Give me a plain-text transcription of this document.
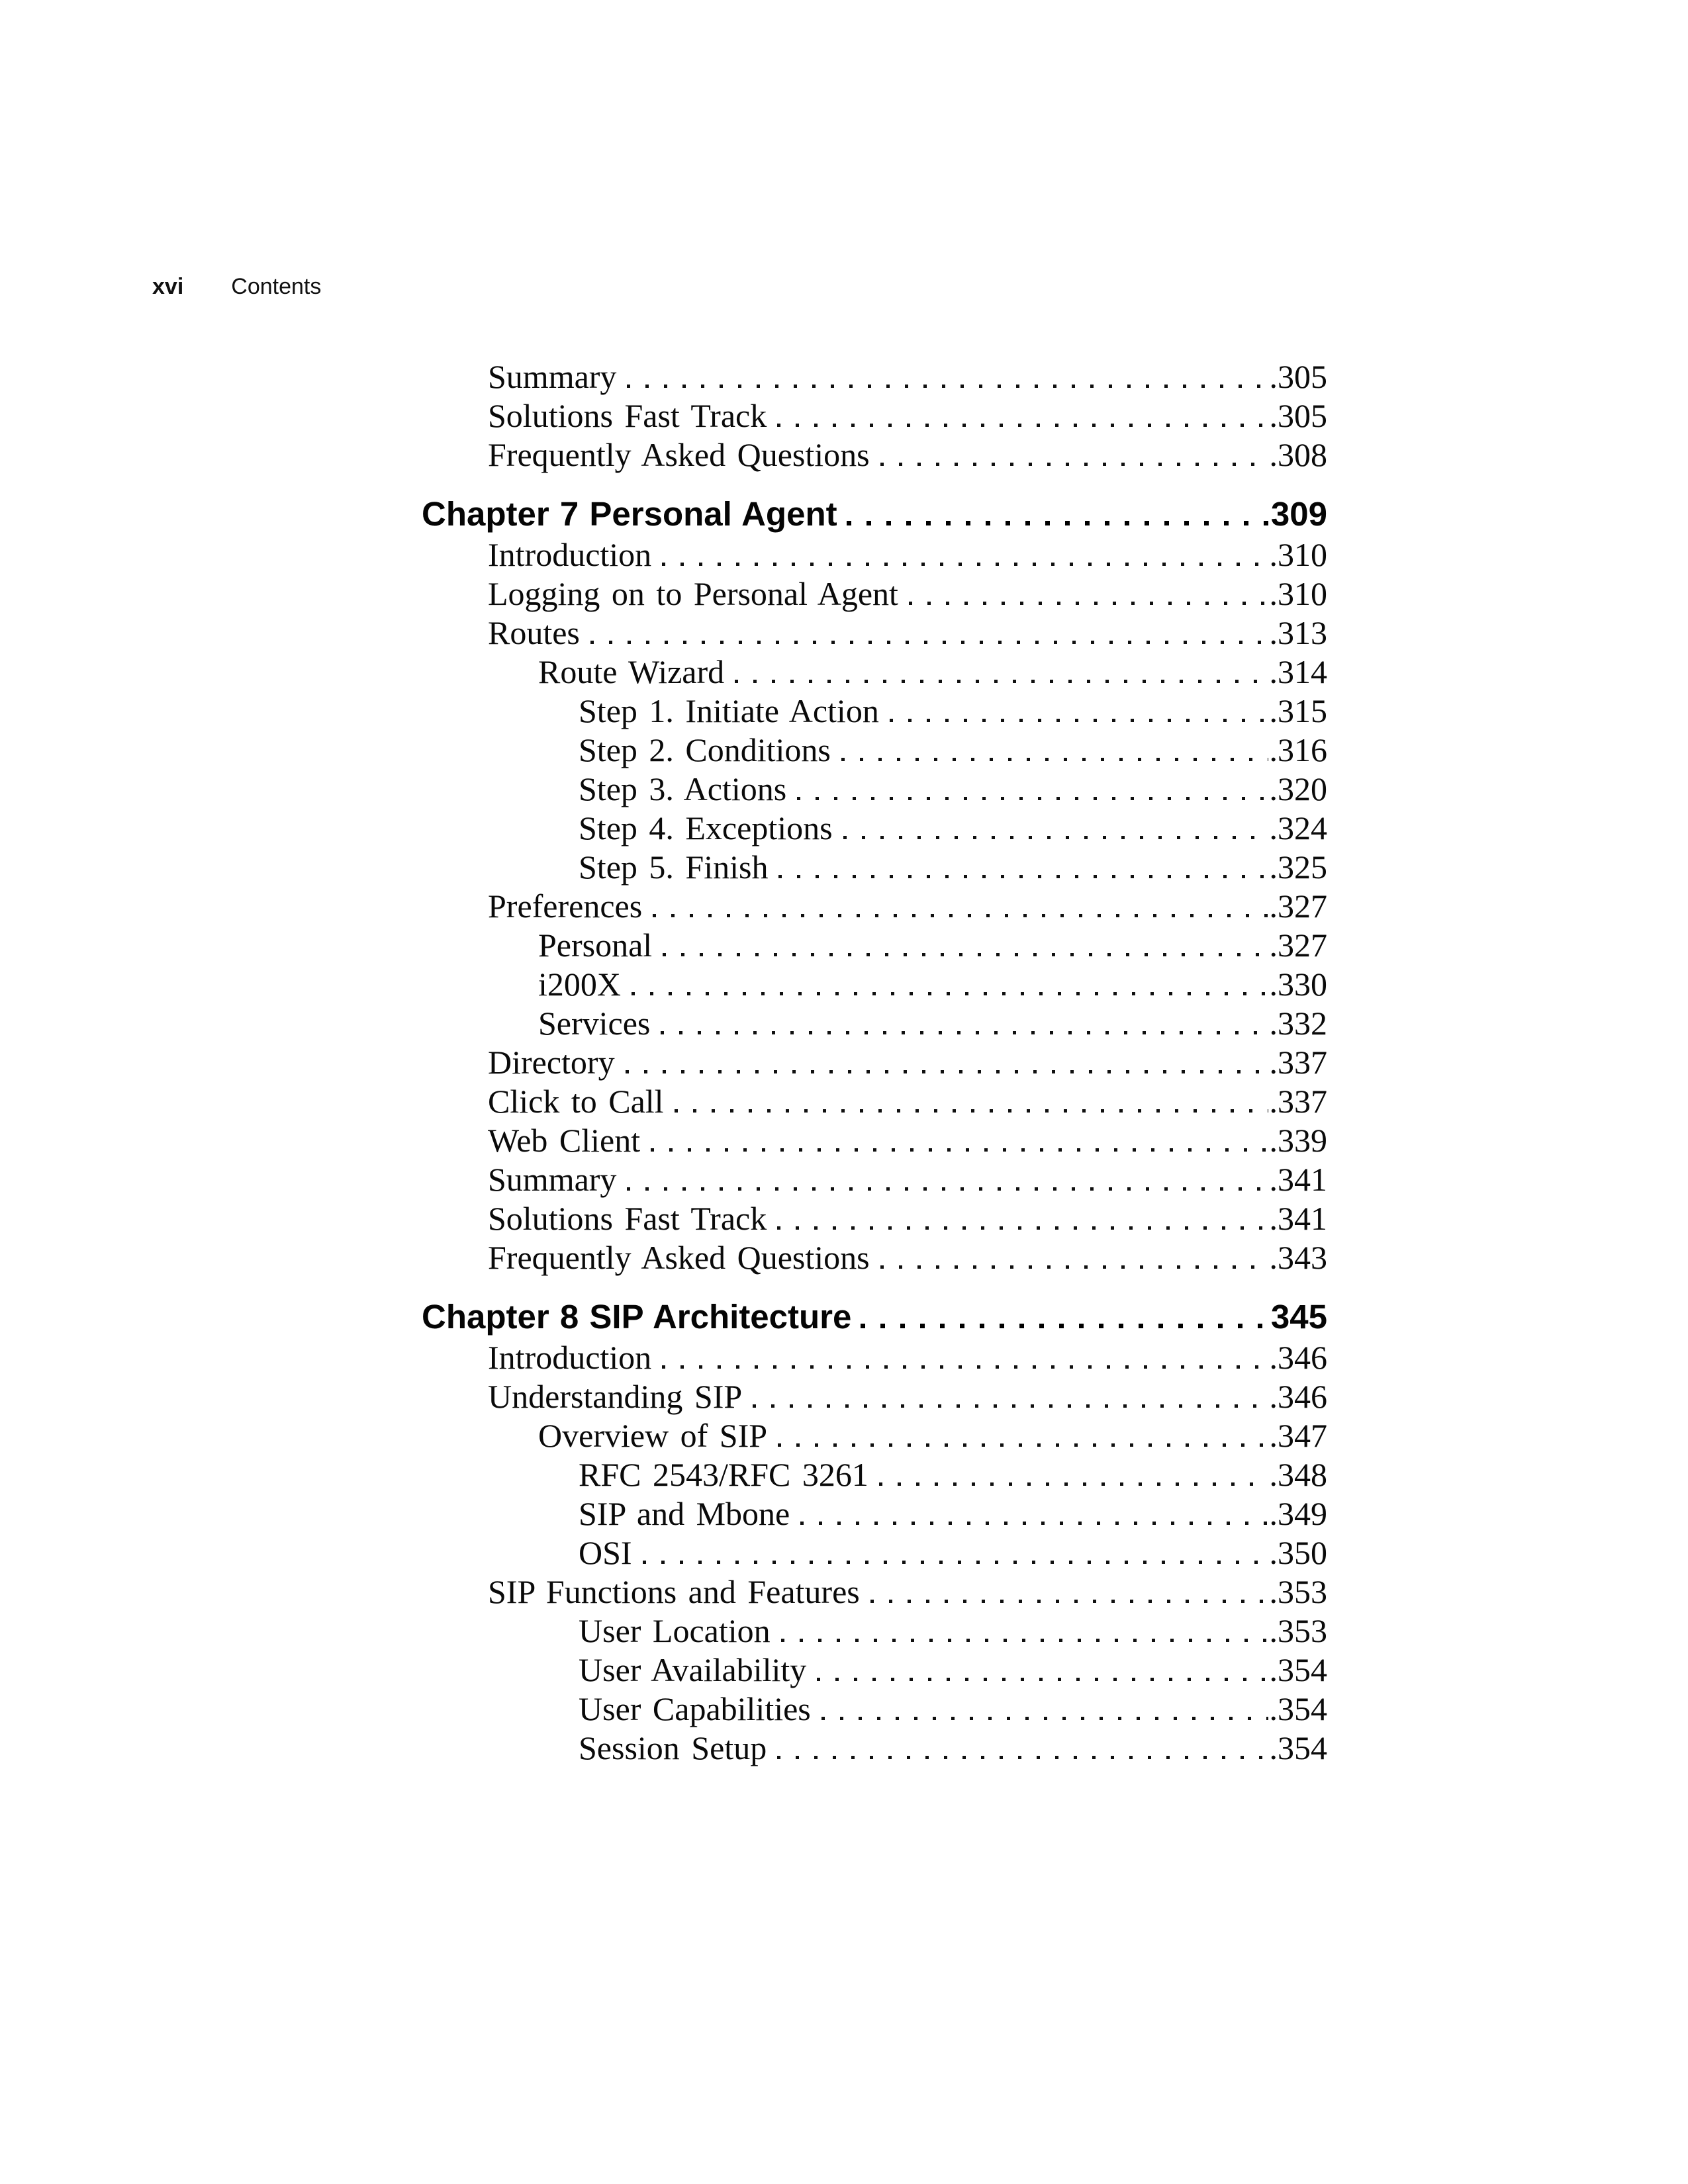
xvi Contents
Summary	.305
Solutions Fast Track	.305
Frequently Asked Questions	.308
Chapter 7 Personal Agent	309
Introduction	.310
Logging on to Personal Agent	.310
Routes	.313
Route Wizard	.314
Step 1. Initiate Action	.315
Step 2. Conditions	.316
Step 3. Actions	.320
Step 4. Exceptions	.324
Step 5. Finish	.325
Preferences	.327
Personal	.327
i200X	.330
Services	.332
Directory	.337
Click to Call	.337
Web Client	.339
Summary	.341
Solutions Fast Track	.341
Frequently Asked Questions	.343
Chapter 8 SIP Architecture	345
Introduction	.346
Understanding SIP	.346
Overview of SIP	.347
RFC 2543/RFC 3261	.348
SIP and Mbone	.349
OSI	.350
SIP Functions and Features	.353
User Location	.353
User Availability	.354
User Capabilities	.354
Session Setup	.354
